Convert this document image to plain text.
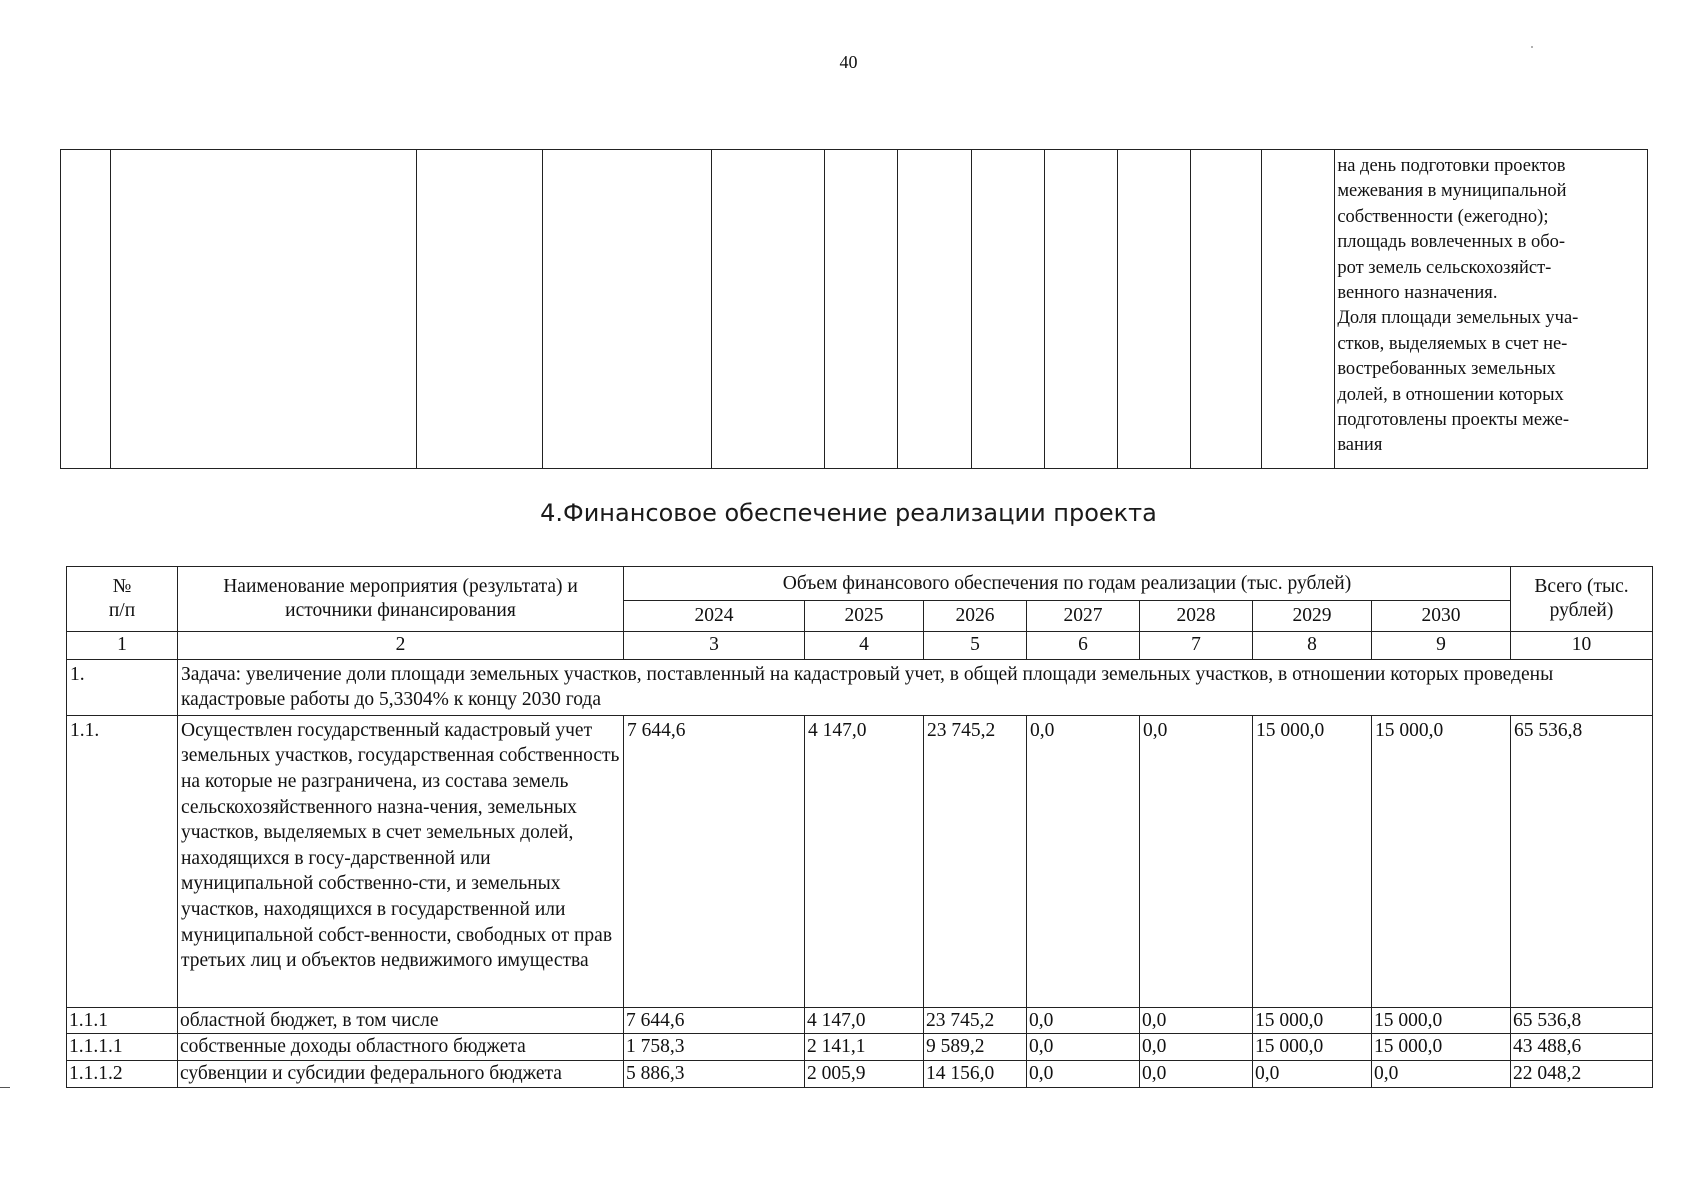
40
												на день подготовки проектов
межевания в муниципальной
собственности (ежегодно);
площадь вовлеченных в обо-
рот земель сельскохозяйст-
венного назначения.
Доля площади земельных уча-
стков, выделяемых в счет не-
востребованных земельных
долей, в отношении которых
подготовлены проекты меже-
вания
4.Финансовое обеспечение реализации проекта
№
п/п	Наименование мероприятия (результата) и
источники финансирования	Объем финансового обеспечения по годам реализации (тыс. рублей)							Всего (тыс.
рублей)
		2024	2025	2026	2027	2028	2029	2030	
1	2	3	4	5	6	7	8	9	10
1.	Задача: увеличение доли площади земельных участков, поставленный на кадастровый учет, в общей площади земельных участков, в отношении которых проведены кадастровые работы до 5,3304% к концу 2030 года								
1.1.	Осуществлен государственный кадастровый учет земельных участков, государственная собственность на которые не разграничена, из состава земель сельскохозяйственного назна-чения, земельных участков, выделяемых в счет земельных долей, находящихся в госу-дарственной или муниципальной собственно-сти, и земельных участков, находящихся в государственной или муниципальной собст-венности, свободных от прав третьих лиц и объектов недвижимого имущества	7 644,6	4 147,0	23 745,2	0,0	0,0	15 000,0	15 000,0	65 536,8
1.1.1	областной бюджет, в том числе	7 644,6	4 147,0	23 745,2	0,0	0,0	15 000,0	15 000,0	65 536,8
1.1.1.1	собственные доходы областного бюджета	1 758,3	2 141,1	9 589,2	0,0	0,0	15 000,0	15 000,0	43 488,6
1.1.1.2	субвенции и субсидии федерального бюджета	5 886,3	2 005,9	14 156,0	0,0	0,0	0,0	0,0	22 048,2
